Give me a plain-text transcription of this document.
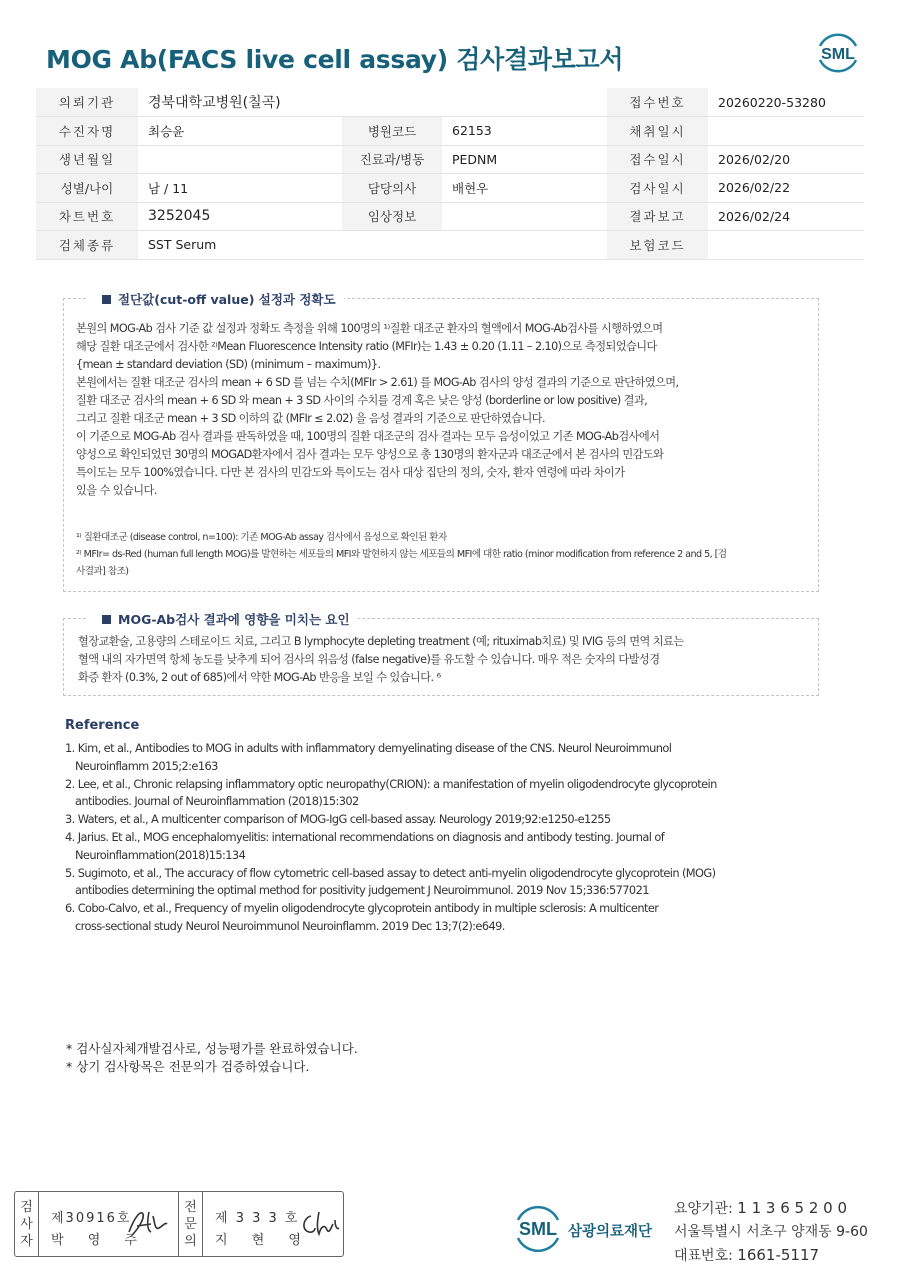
MOG Ab(FACS live cell assay) 검사결과보고서	SML
의뢰기관	경북대학교병원(칠곡)			접수번호	20260220-53280
수진자명	최승윤	병원코드	62153	채취일시	
생년월일		진료과/병동	PEDNM	접수일시	2026/02/20
성별/나이	남 / 11	담당의사	배현우	검사일시	2026/02/22
차트번호	3252045	임상정보		결과보고	2026/02/24
검체종류	SST Serum			보험코드	
절단값(cut-off value) 설정과 정확도
본원의 MOG-Ab 검사 기준 값 설정과 정확도 측정을 위해 100명의 ¹⁾질환 대조군 환자의 혈액에서 MOG-Ab검사를 시행하였으며
해당 질환 대조군에서 검사한 ²⁾Mean Fluorescence Intensity ratio (MFIr)는 1.43 ± 0.20 (1.11 – 2.10)으로 측정되었습니다
{mean ± standard deviation (SD) (minimum – maximum)}.
본원에서는 질환 대조군 검사의 mean + 6 SD 를 넘는 수치(MFIr > 2.61) 를 MOG-Ab 검사의 양성 결과의 기준으로 판단하였으며,
질환 대조군 검사의 mean + 6 SD 와 mean + 3 SD 사이의 수치를 경계 혹은 낮은 양성 (borderline or low positive) 결과,
그리고 질환 대조군 mean + 3 SD 이하의 값 (MFIr ≤ 2.02) 을 음성 결과의 기준으로 판단하였습니다.
이 기준으로 MOG-Ab 검사 결과를 판독하였을 때, 100명의 질환 대조군의 검사 결과는 모두 음성이었고 기존 MOG-Ab검사에서
양성으로 확인되었던 30명의 MOGAD환자에서 검사 결과는 모두 양성으로 총 130명의 환자군과 대조군에서 본 검사의 민감도와
특이도는 모두 100%였습니다. 다만 본 검사의 민감도와 특이도는 검사 대상 집단의 정의, 숫자, 환자 연령에 따라 차이가
있을 수 있습니다.
¹⁾ 질환대조군 (disease control, n=100): 기존 MOG-Ab assay 검사에서 음성으로 확인된 환자
²⁾ MFIr= ds-Red (human full length MOG)를 발현하는 세포들의 MFI와 발현하지 않는 세포들의 MFI에 대한 ratio (minor modification from reference 2 and 5, [검
사결과] 참조)
MOG-Ab검사 결과에 영향을 미치는 요인
혈장교환술, 고용량의 스테로이드 치료, 그리고 B lymphocyte depleting treatment (예; rituximab치료) 및 IVIG 등의 면역 치료는
혈액 내의 자가면역 항체 농도를 낮추게 되어 검사의 위음성 (false negative)를 유도할 수 있습니다. 매우 적은 숫자의 다발성경
화증 환자 (0.3%, 2 out of 685)에서 약한 MOG-Ab 반응을 보일 수 있습니다. ⁶
Reference
1. Kim, et al., Antibodies to MOG in adults with inflammatory demyelinating disease of the CNS. Neurol Neuroimmunol
Neuroinflamm 2015;2:e163
2. Lee, et al., Chronic relapsing inflammatory optic neuropathy(CRION): a manifestation of myelin oligodendrocyte glycoprotein
antibodies. Journal of Neuroinflammation (2018)15:302
3. Waters, et al., A multicenter comparison of MOG-IgG cell-based assay. Neurology 2019;92:e1250-e1255
4. Jarius. Et al., MOG encephalomyelitis: international recommendations on diagnosis and antibody testing. Journal of
Neuroinflammation(2018)15:134
5. Sugimoto, et al., The accuracy of flow cytometric cell-based assay to detect anti-myelin oligodendrocyte glycoprotein (MOG)
antibodies determining the optimal method for positivity judgement J Neuroimmunol. 2019 Nov 15;336:577021
6. Cobo-Calvo, et al., Frequency of myelin oligodendrocyte glycoprotein antibody in multiple sclerosis: A multicenter
cross-sectional study Neurol Neuroimmunol Neuroinflamm. 2019 Dec 13;7(2):e649.
* 검사실자체개발검사로, 성능평가를 완료하였습니다.
* 상기 검사항목은 전문의가 검증하였습니다.
검
사
자
제30916호
박 영 주
전
문
의
제 3 3 3 호
지 현 영
SML 삼광의료재단
요양기관: 1 1 3 6 5 2 0 0
서울특별시 서초구 양재동 9-60
대표번호: 1661-5117
